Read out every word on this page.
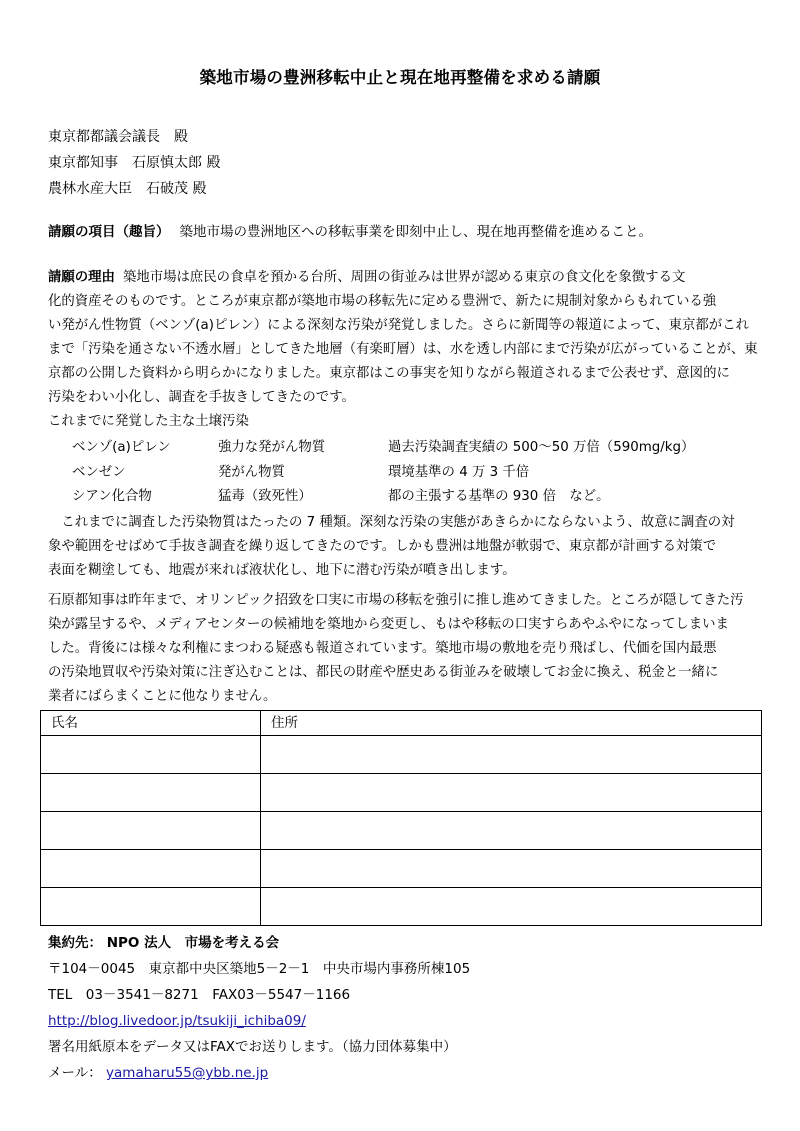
築地市場の豊洲移転中止と現在地再整備を求める請願
東京都都議会議長　殿
東京都知事　石原慎太郎 殿
農林水産大臣　石破茂 殿
請願の項目（趣旨） 築地市場の豊洲地区への移転事業を即刻中止し、現在地再整備を進めること。

請願の理由 築地市場は庶民の食卓を預かる台所、周囲の街並みは世界が認める東京の食文化を象徴する文

化的資産そのものです。ところが東京都が築地市場の移転先に定める豊洲で、新たに規制対象からもれている強

い発がん性物質（ベンゾ(a)ピレン）による深刻な汚染が発覚しました。さらに新聞等の報道によって、東京都がこれ

まで「汚染を通さない不透水層」としてきた地層（有楽町層）は、水を透し内部にまで汚染が広がっていることが、東

京都の公開した資料から明らかになりました。東京都はこの事実を知りながら報道されるまで公表せず、意図的に

汚染をわい小化し、調査を手抜きしてきたのです。

これまでに発覚した主な土壌汚染

ベンゾ(a)ピレン	強力な発がん物質	過去汚染調査実績の 500～50 万倍（590mg/kg）
ベンゼン	発がん物質	環境基準の 4 万 3 千倍
シアン化合物	猛毒（致死性）	都の主張する基準の 930 倍　など。

　これまでに調査した汚染物質はたったの 7 種類。深刻な汚染の実態があきらかにならないよう、故意に調査の対

象や範囲をせばめて手抜き調査を繰り返してきたのです。しかも豊洲は地盤が軟弱で、東京都が計画する対策で

表面を糊塗しても、地震が来れば液状化し、地下に潜む汚染が噴き出します。

石原都知事は昨年まで、オリンピック招致を口実に市場の移転を強引に推し進めてきました。ところが隠してきた汚

染が露呈するや、メディアセンターの候補地を築地から変更し、もはや移転の口実すらあやふやになってしまいま

した。背後には様々な利権にまつわる疑惑も報道されています。築地市場の敷地を売り飛ばし、代価を国内最悪

の汚染地買収や汚染対策に注ぎ込むことは、都民の財産や歴史ある街並みを破壊してお金に換え、税金と一緒に

業者にばらまくことに他なりません。

氏名	住所

集約先： NPO 法人　市場を考える会
〒104－0045　東京都中央区築地5－2－1　中央市場内事務所棟105
TEL　03－3541－8271　FAX03－5547－1166
http://blog.livedoor.jp/tsukiji_ichiba09/
署名用紙原本をデータ又はFAXでお送りします。（協力団体募集中）
メール： yamaharu55@ybb.ne.jp
